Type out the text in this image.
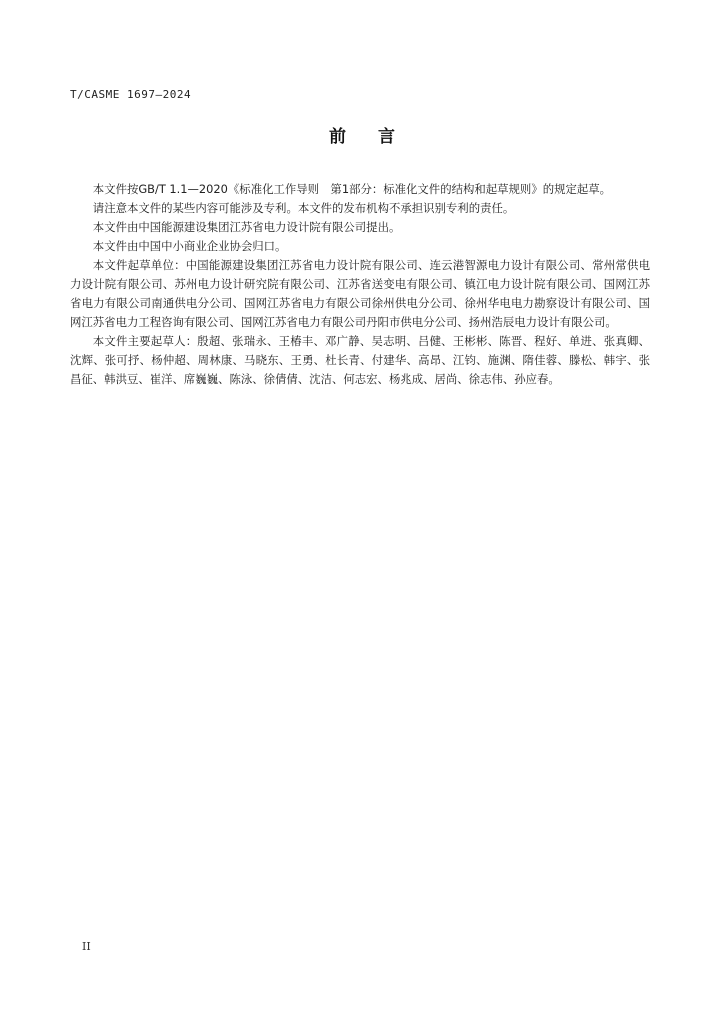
T/CASME 1697—2024
前言

本文件按GB/T 1.1—2020《标准化工作导则　第1部分：标准化文件的结构和起草规则》的规定起草。

请注意本文件的某些内容可能涉及专利。本文件的发布机构不承担识别专利的责任。

本文件由中国能源建设集团江苏省电力设计院有限公司提出。

本文件由中国中小商业企业协会归口。

本文件起草单位：中国能源建设集团江苏省电力设计院有限公司、连云港智源电力设计有限公司、常州常供电力设计院有限公司、苏州电力设计研究院有限公司、江苏省送变电有限公司、镇江电力设计院有限公司、国网江苏省电力有限公司南通供电分公司、国网江苏省电力有限公司徐州供电分公司、徐州华电电力勘察设计有限公司、国网江苏省电力工程咨询有限公司、国网江苏省电力有限公司丹阳市供电分公司、扬州浩辰电力设计有限公司。

本文件主要起草人：殷超、张瑞永、王椿丰、邓广静、吴志明、吕健、王彬彬、陈晋、程好、单进、张真卿、沈辉、张可抒、杨仲超、周林康、马晓东、王勇、杜长青、付建华、高昂、江钧、施渊、隋佳蓉、滕松、韩宇、张昌征、韩洪豆、崔洋、席巍巍、陈泳、徐倩倩、沈洁、何志宏、杨兆成、居尚、徐志伟、孙应春。

II
